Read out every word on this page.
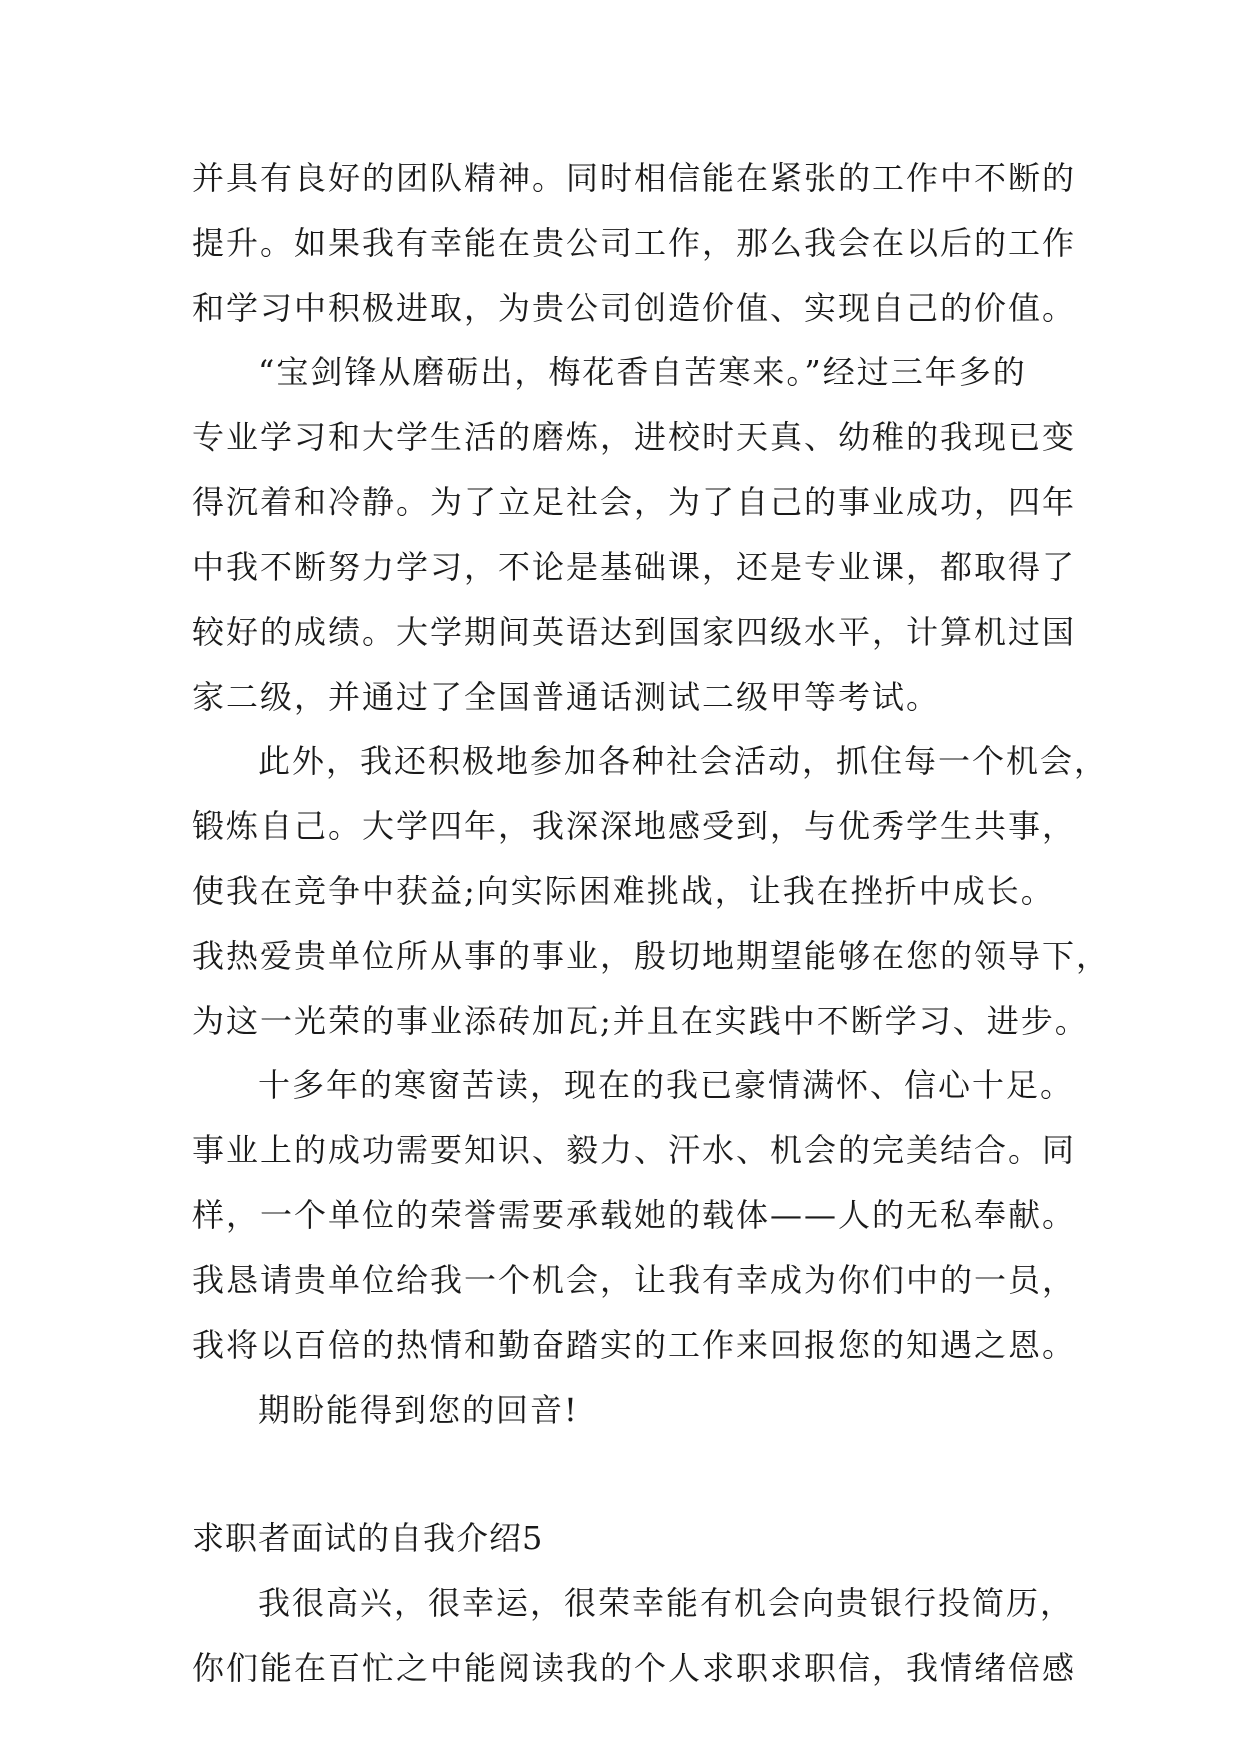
并具有良好的团队精神。同时相信能在紧张的工作中不断的
提升。如果我有幸能在贵公司工作，那么我会在以后的工作
和学习中积极进取，为贵公司创造价值、实现自己的价值。
“宝剑锋从磨砺出，梅花香自苦寒来。”经过三年多的
专业学习和大学生活的磨炼，进校时天真、幼稚的我现已变
得沉着和冷静。为了立足社会，为了自己的事业成功，四年
中我不断努力学习，不论是基础课，还是专业课，都取得了
较好的成绩。大学期间英语达到国家四级水平，计算机过国
家二级，并通过了全国普通话测试二级甲等考试。
此外，我还积极地参加各种社会活动，抓住每一个机会，
锻炼自己。大学四年，我深深地感受到，与优秀学生共事，
使我在竞争中获益;向实际困难挑战，让我在挫折中成长。
我热爱贵单位所从事的事业，殷切地期望能够在您的领导下，
为这一光荣的事业添砖加瓦;并且在实践中不断学习、进步。
十多年的寒窗苦读，现在的我已豪情满怀、信心十足。
事业上的成功需要知识、毅力、汗水、机会的完美结合。同
样，一个单位的荣誉需要承载她的载体——人的无私奉献。
我恳请贵单位给我一个机会，让我有幸成为你们中的一员，
我将以百倍的热情和勤奋踏实的工作来回报您的知遇之恩。
期盼能得到您的回音!
求职者面试的自我介绍5
我很高兴，很幸运，很荣幸能有机会向贵银行投简历，
你们能在百忙之中能阅读我的个人求职求职信，我情绪倍感
